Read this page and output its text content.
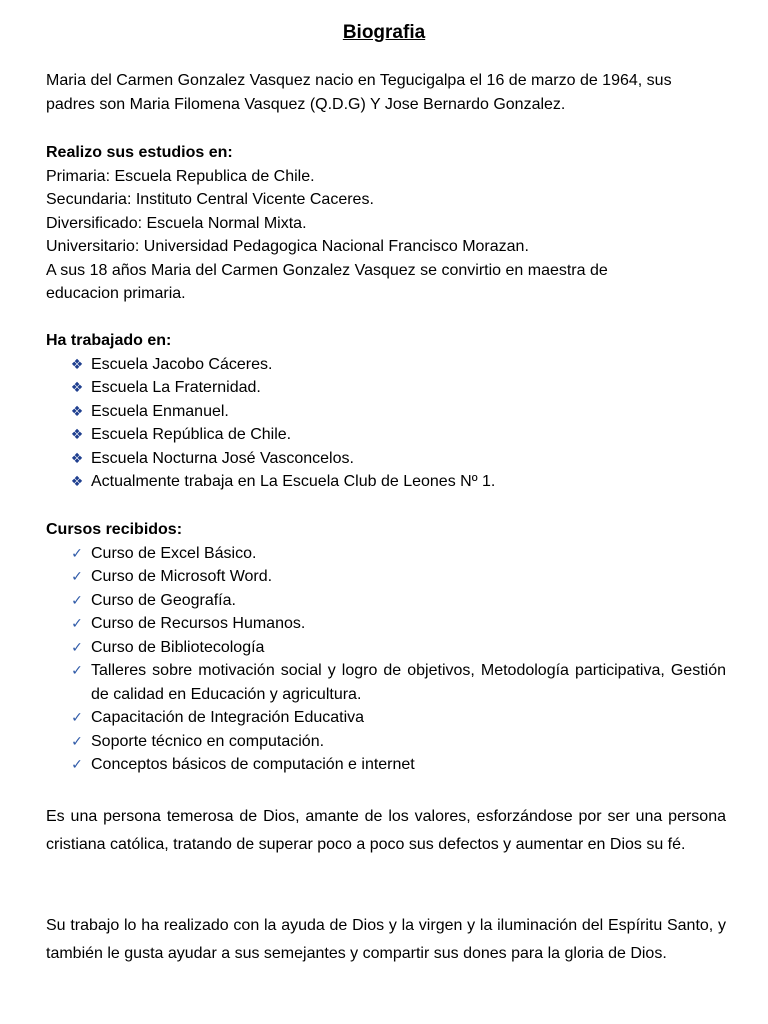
Biografia
Maria del Carmen Gonzalez Vasquez nacio en Tegucigalpa el 16 de marzo de 1964, sus
padres son Maria Filomena Vasquez (Q.D.G) Y Jose Bernardo Gonzalez.
Realizo sus estudios en:
Primaria: Escuela Republica de Chile.
Secundaria: Instituto Central Vicente Caceres.
Diversificado: Escuela Normal Mixta.
Universitario: Universidad Pedagogica Nacional Francisco Morazan.
A sus 18 años Maria del Carmen Gonzalez Vasquez se convirtio en maestra de
educacion primaria.
Ha trabajado en:
❖ Escuela Jacobo Cáceres.
❖ Escuela La Fraternidad.
❖ Escuela Enmanuel.
❖ Escuela República de Chile.
❖ Escuela Nocturna José Vasconcelos.
❖ Actualmente trabaja en La Escuela Club de Leones Nº 1.
Cursos recibidos:
✓ Curso de Excel Básico.
✓ Curso de Microsoft Word.
✓ Curso de Geografía.
✓ Curso de Recursos Humanos.
✓ Curso de Bibliotecología
✓ Talleres sobre motivación social y logro de objetivos, Metodología participativa, Gestión de calidad en Educación y agricultura.
✓ Capacitación de Integración Educativa
✓ Soporte técnico en computación.
✓ Conceptos básicos de computación e internet
Es una persona temerosa de Dios, amante de los valores, esforzándose por ser una persona cristiana católica, tratando de superar poco a poco sus defectos y aumentar en Dios su fé.
Su trabajo lo ha realizado con la ayuda de Dios y la virgen y la iluminación del Espíritu Santo, y también le gusta ayudar a sus semejantes y compartir sus dones para la gloria de Dios.
